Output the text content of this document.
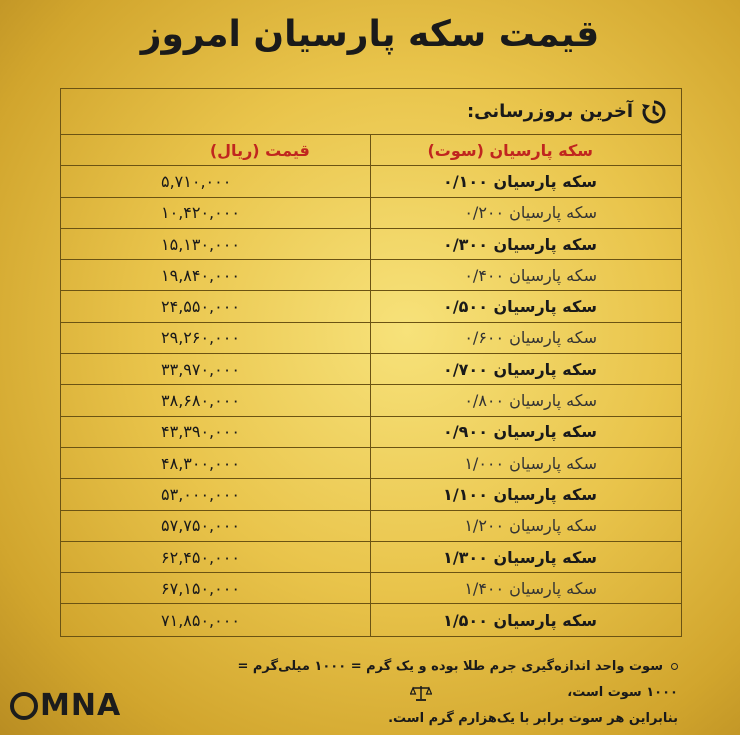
قیمت سکه پارسیان امروز
آخرین بروزرسانی:
قیمت (ریال)	سکه پارسیان (سوت)
۵,۷۱۰,۰۰۰	سکه پارسیان ۰/۱۰۰
۱۰,۴۲۰,۰۰۰	سکه پارسیان ۰/۲۰۰
۱۵,۱۳۰,۰۰۰	سکه پارسیان ۰/۳۰۰
۱۹,۸۴۰,۰۰۰	سکه پارسیان ۰/۴۰۰
۲۴,۵۵۰,۰۰۰	سکه پارسیان ۰/۵۰۰
۲۹,۲۶۰,۰۰۰	سکه پارسیان ۰/۶۰۰
۳۳,۹۷۰,۰۰۰	سکه پارسیان ۰/۷۰۰
۳۸,۶۸۰,۰۰۰	سکه پارسیان ۰/۸۰۰
۴۳,۳۹۰,۰۰۰	سکه پارسیان ۰/۹۰۰
۴۸,۳۰۰,۰۰۰	سکه پارسیان ۱/۰۰۰
۵۳,۰۰۰,۰۰۰	سکه پارسیان ۱/۱۰۰
۵۷,۷۵۰,۰۰۰	سکه پارسیان ۱/۲۰۰
۶۲,۴۵۰,۰۰۰	سکه پارسیان ۱/۳۰۰
۶۷,۱۵۰,۰۰۰	سکه پارسیان ۱/۴۰۰
۷۱,۸۵۰,۰۰۰	سکه پارسیان ۱/۵۰۰
سوت واحد اندازه‌گیری جرم طلا بوده و یک گرم = ۱۰۰۰ میلی‌گرم = ۱۰۰۰ سوت است،
بنابراین هر سوت برابر با یک‌هزارم گرم است.
MNA
